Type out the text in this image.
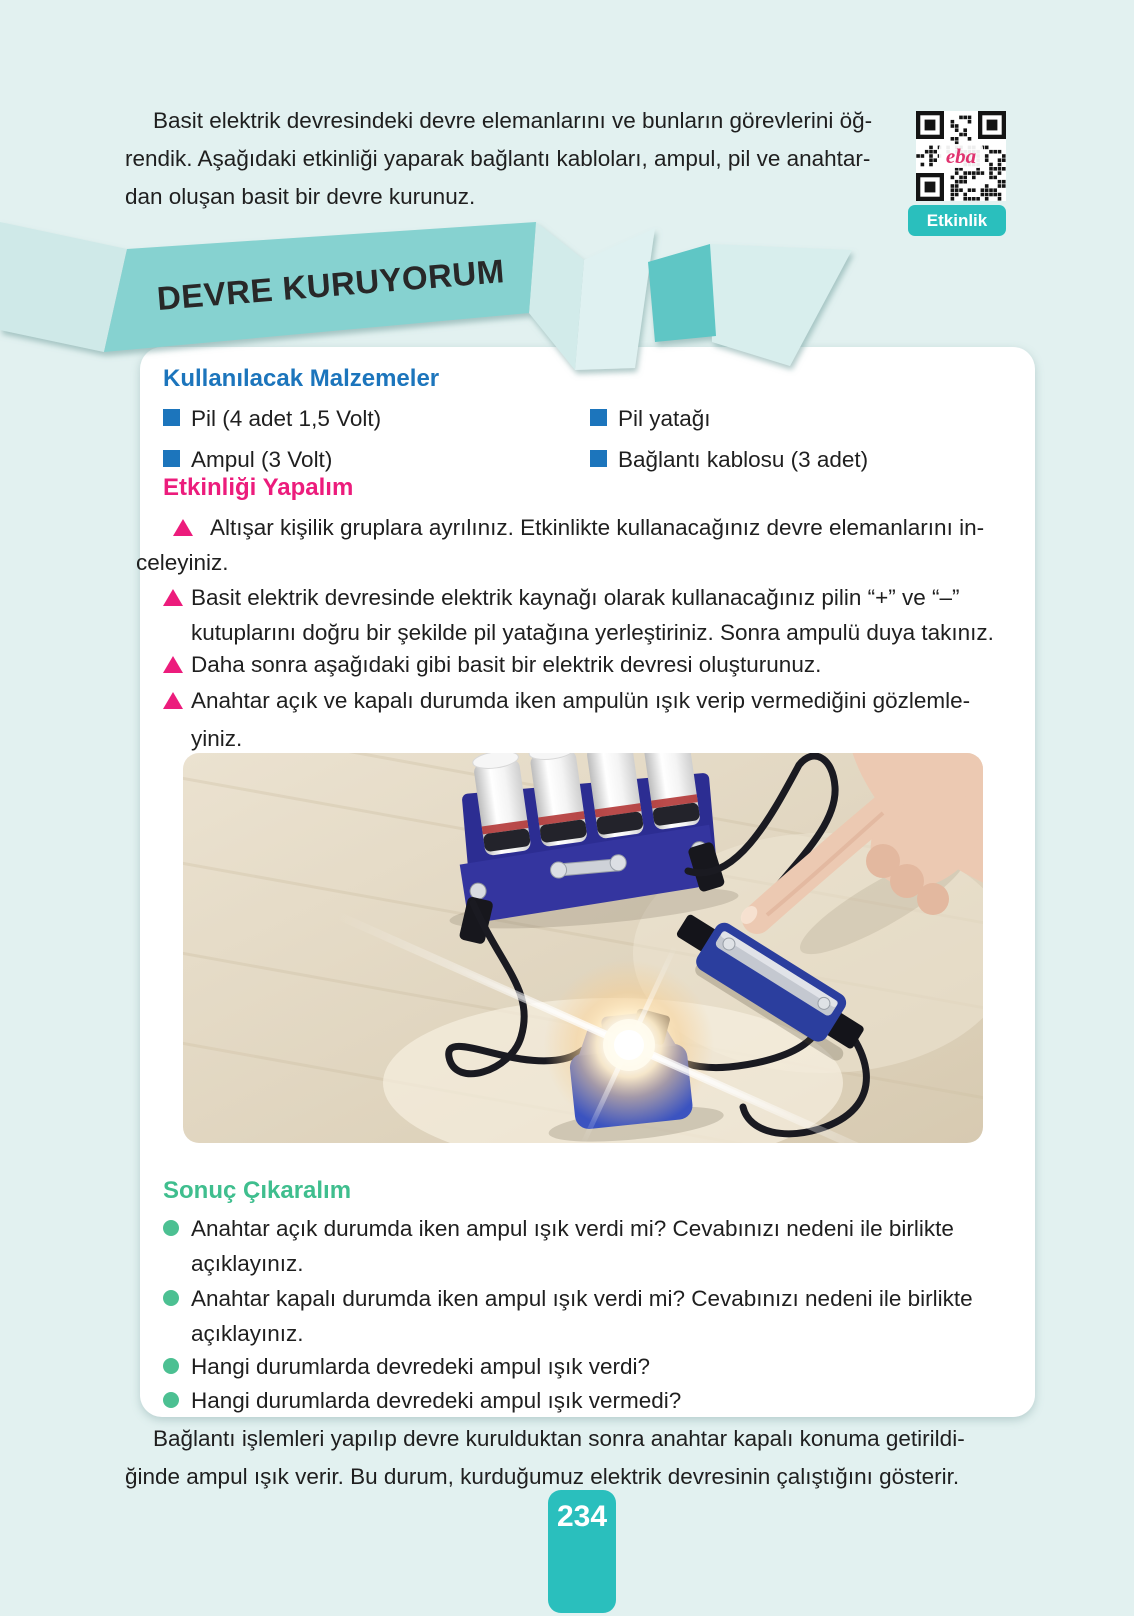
Basit elektrik devresindeki devre elemanlarını ve bunların görevlerini öğ-
rendik. Aşağıdaki etkinliği yaparak bağlantı kabloları, ampul, pil ve anahtar-
dan oluşan basit bir devre kurunuz.
eba
Etkinlik
DEVRE KURUYORUM
Kullanılacak Malzemeler
Pil (4 adet 1,5 Volt)	Pil yatağı
Ampul (3 Volt)	Bağlantı kablosu (3 adet)
Etkinliği Yapalım
Altışar kişilik gruplara ayrılınız. Etkinlikte kullanacağınız devre elemanlarını in-
celeyiniz.
Basit elektrik devresinde elektrik kaynağı olarak kullanacağınız pilin “+” ve “–”
kutuplarını doğru bir şekilde pil yatağına yerleştiriniz. Sonra ampulü duya takınız.
Daha sonra aşağıdaki gibi basit bir elektrik devresi oluşturunuz.
Anahtar açık ve kapalı durumda iken ampulün ışık verip vermediğini gözlemle-
yiniz.
Sonuç Çıkaralım
Anahtar açık durumda iken ampul ışık verdi mi? Cevabınızı nedeni ile birlikte
açıklayınız.
Anahtar kapalı durumda iken ampul ışık verdi mi? Cevabınızı nedeni ile birlikte
açıklayınız.
Hangi durumlarda devredeki ampul ışık verdi?
Hangi durumlarda devredeki ampul ışık vermedi?
Bağlantı işlemleri yapılıp devre kurulduktan sonra anahtar kapalı konuma getirildi-
ğinde ampul ışık verir. Bu durum, kurduğumuz elektrik devresinin çalıştığını gösterir.
234
